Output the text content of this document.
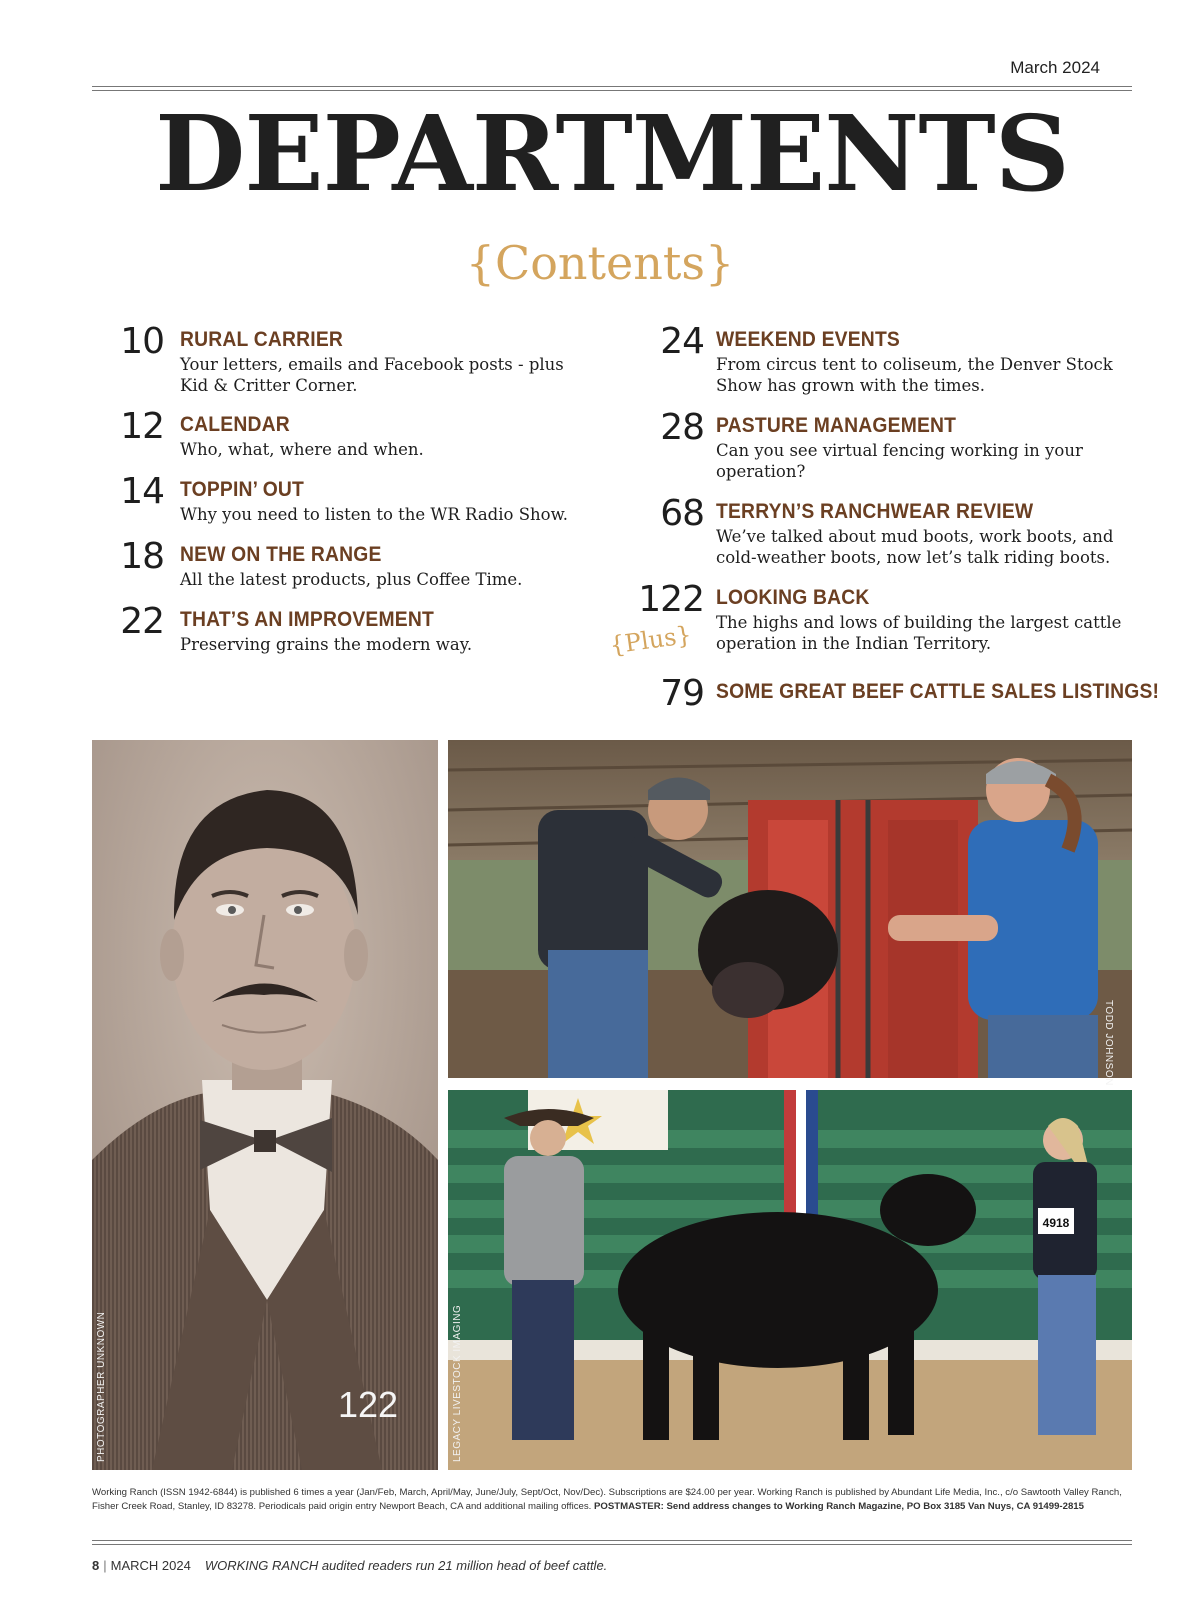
March 2024
DEPARTMENTS
{Contents}
10 RURAL CARRIER
Your letters, emails and Facebook posts - plus Kid & Critter Corner.
12 CALENDAR
Who, what, where and when.
14 TOPPIN’ OUT
Why you need to listen to the WR Radio Show.
18 NEW ON THE RANGE
All the latest products, plus Coffee Time.
22 THAT’S AN IMPROVEMENT
Preserving grains the modern way.
24 WEEKEND EVENTS
From circus tent to coliseum, the Denver Stock Show has grown with the times.
28 PASTURE MANAGEMENT
Can you see virtual fencing working in your operation?
68 TERRYN’S RANCHWEAR REVIEW
We’ve talked about mud boots, work boots, and cold-weather boots, now let’s talk riding boots.
122 LOOKING BACK
The highs and lows of building the largest cattle operation in the Indian Territory.
79 SOME GREAT BEEF CATTLE SALES LISTINGS!
{Plus}
PHOTOGRAPHER UNKNOWN	122
TODD JOHNSON
4918
LEGACY LIVESTOCK IMAGING
Working Ranch (ISSN 1942-6844) is published 6 times a year (Jan/Feb, March, April/May, June/July, Sept/Oct, Nov/Dec). Subscriptions are $24.00 per year. Working Ranch is published by Abundant Life Media, Inc., c/o Sawtooth Valley Ranch, Fisher Creek Road, Stanley, ID 83278. Periodicals paid origin entry Newport Beach, CA and additional mailing offices. POSTMASTER: Send address changes to Working Ranch Magazine, PO Box 3185 Van Nuys, CA 91499-2815
8 | MARCH 2024 WORKING RANCH audited readers run 21 million head of beef cattle.
